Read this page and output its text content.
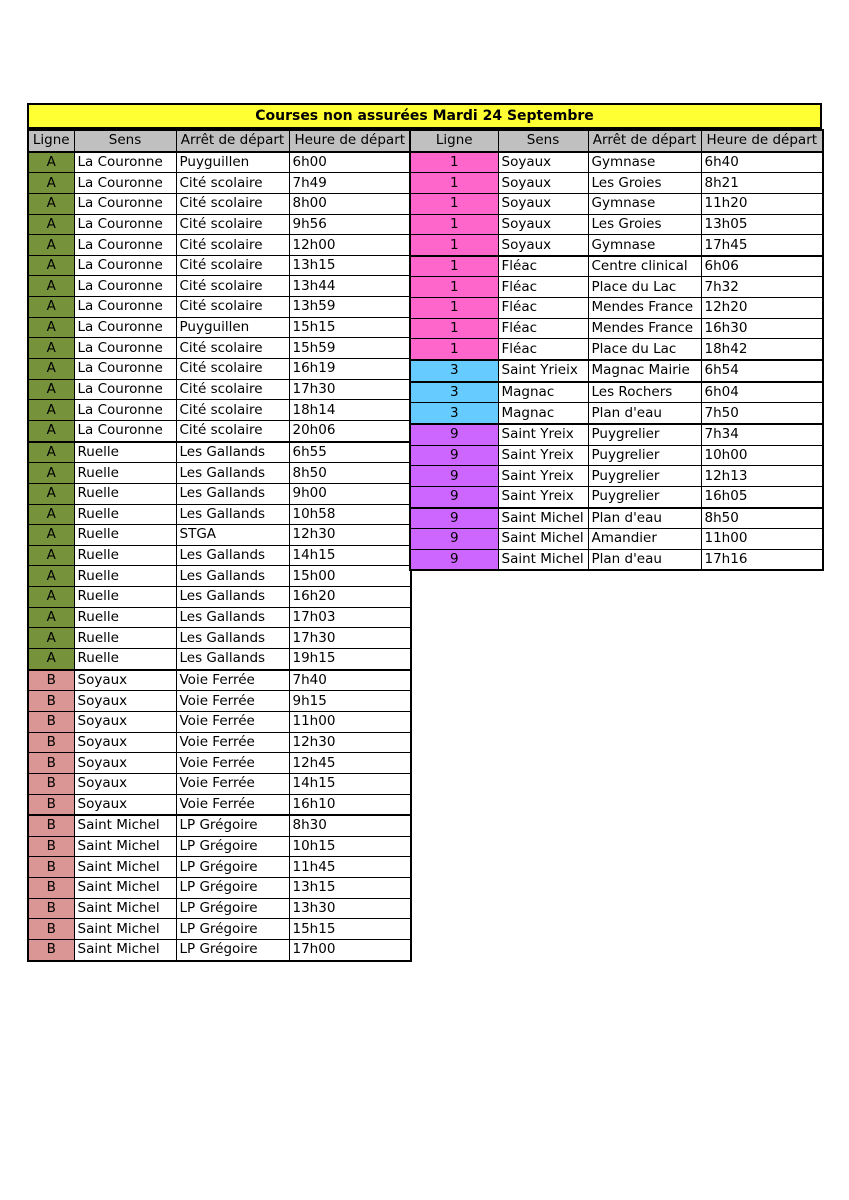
Courses non assurées Mardi 24 Septembre
Ligne	Sens	Arrêt de départ	Heure de départ
A	La Couronne	Puyguillen	6h00
A	La Couronne	Cité scolaire	7h49
A	La Couronne	Cité scolaire	8h00
A	La Couronne	Cité scolaire	9h56
A	La Couronne	Cité scolaire	12h00
A	La Couronne	Cité scolaire	13h15
A	La Couronne	Cité scolaire	13h44
A	La Couronne	Cité scolaire	13h59
A	La Couronne	Puyguillen	15h15
A	La Couronne	Cité scolaire	15h59
A	La Couronne	Cité scolaire	16h19
A	La Couronne	Cité scolaire	17h30
A	La Couronne	Cité scolaire	18h14
A	La Couronne	Cité scolaire	20h06
A	Ruelle	Les Gallands	6h55
A	Ruelle	Les Gallands	8h50
A	Ruelle	Les Gallands	9h00
A	Ruelle	Les Gallands	10h58
A	Ruelle	STGA	12h30
A	Ruelle	Les Gallands	14h15
A	Ruelle	Les Gallands	15h00
A	Ruelle	Les Gallands	16h20
A	Ruelle	Les Gallands	17h03
A	Ruelle	Les Gallands	17h30
A	Ruelle	Les Gallands	19h15
B	Soyaux	Voie Ferrée	7h40
B	Soyaux	Voie Ferrée	9h15
B	Soyaux	Voie Ferrée	11h00
B	Soyaux	Voie Ferrée	12h30
B	Soyaux	Voie Ferrée	12h45
B	Soyaux	Voie Ferrée	14h15
B	Soyaux	Voie Ferrée	16h10
B	Saint Michel	LP Grégoire	8h30
B	Saint Michel	LP Grégoire	10h15
B	Saint Michel	LP Grégoire	11h45
B	Saint Michel	LP Grégoire	13h15
B	Saint Michel	LP Grégoire	13h30
B	Saint Michel	LP Grégoire	15h15
B	Saint Michel	LP Grégoire	17h00
Ligne	Sens	Arrêt de départ	Heure de départ
1	Soyaux	Gymnase	6h40
1	Soyaux	Les Groies	8h21
1	Soyaux	Gymnase	11h20
1	Soyaux	Les Groies	13h05
1	Soyaux	Gymnase	17h45
1	Fléac	Centre clinical	6h06
1	Fléac	Place du Lac	7h32
1	Fléac	Mendes France	12h20
1	Fléac	Mendes France	16h30
1	Fléac	Place du Lac	18h42
3	Saint Yrieix	Magnac Mairie	6h54
3	Magnac	Les Rochers	6h04
3	Magnac	Plan d'eau	7h50
9	Saint Yreix	Puygrelier	7h34
9	Saint Yreix	Puygrelier	10h00
9	Saint Yreix	Puygrelier	12h13
9	Saint Yreix	Puygrelier	16h05
9	Saint Michel	Plan d'eau	8h50
9	Saint Michel	Amandier	11h00
9	Saint Michel	Plan d'eau	17h16
